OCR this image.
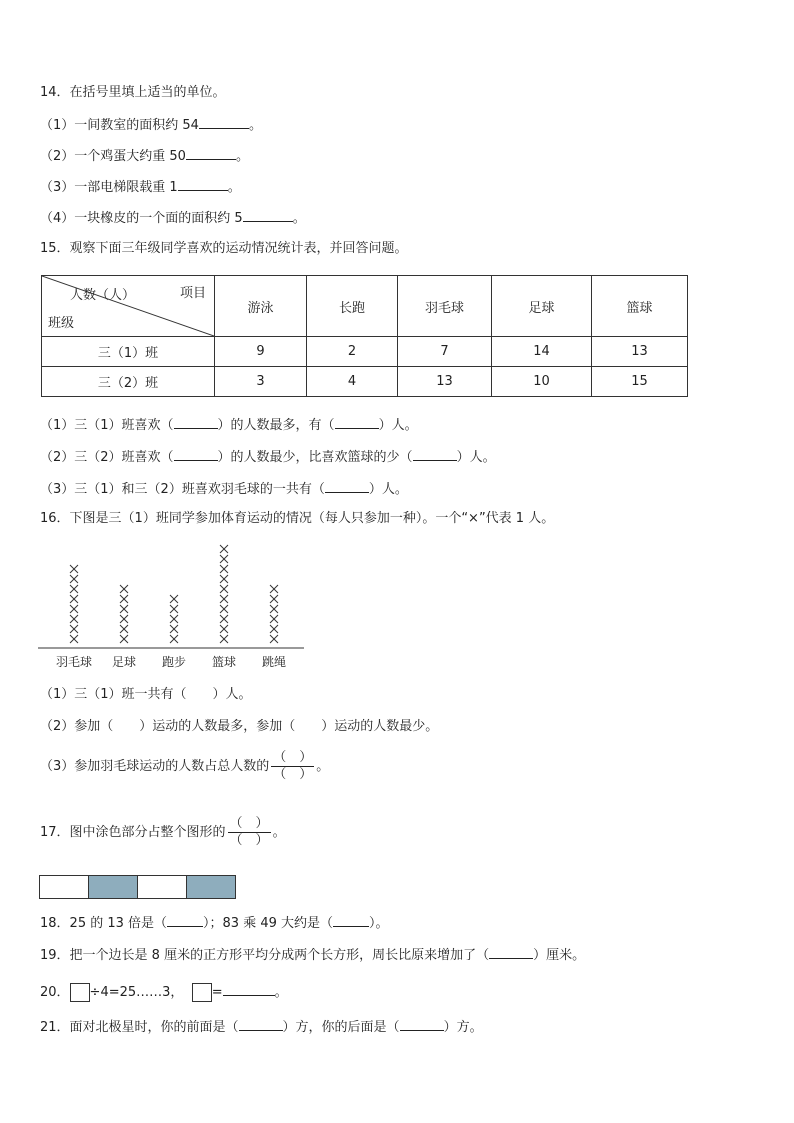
14．在括号里填上适当的单位。
（1）一间教室的面积约 54	。
（2）一个鸡蛋大约重 50	。
（3）一部电梯限载重 1	。
（4）一块橡皮的一个面的面积约 5	。
15．观察下面三年级同学喜欢的运动情况统计表，并回答问题。
人数（人） 项目
班级	游泳	长跑	羽毛球	足球	篮球
三（1）班	9	2	7	14	13
三（2）班	3	4	13	10	15
（1）三（1）班喜欢（	）的人数最多，有（	）人。
（2）三（2）班喜欢（	）的人数最少，比喜欢篮球的少（	）人。
（3）三（1）和三（2）班喜欢羽毛球的一共有（	）人。
16．下图是三（1）班同学参加体育运动的情况（每人只参加一种）。一个“×”代表 1 人。
羽毛球 足球 跑步 篮球 跳绳
（1）三（1）班一共有（　　）人。
（2）参加（　　）运动的人数最多，参加（　　）运动的人数最少。
（3）参加羽毛球运动的人数占总人数的 $\frac{( )}{( )}$ 。
17．图中涂色部分占整个图形的 $\frac{( )}{( )}$ 。
18．25 的 13 倍是（	）；83 乘 49 大约是（	）。
19．把一个边长是 8 厘米的正方形平均分成两个长方形，周长比原来增加了（	）厘米。
20． ÷4=25……3， =	。
21．面对北极星时，你的前面是（	）方，你的后面是（	）方。
